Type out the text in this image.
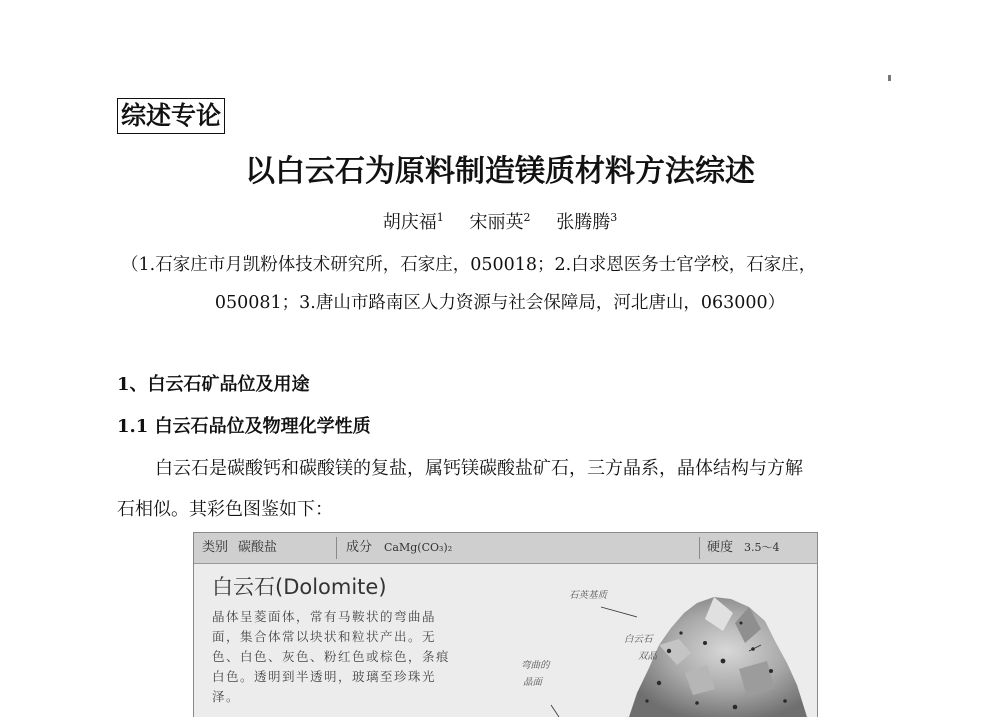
综述专论
以白云石为原料制造镁质材料方法综述
胡庆福$^1$ 宋丽英$^2$ 张腾腾$^3$
（1.石家庄市月凯粉体技术研究所，石家庄，050018；2.白求恩医务士官学校，石家庄，
050081；3.唐山市路南区人力资源与社会保障局，河北唐山，063000）
1、白云石矿品位及用途
1.1 白云石品位及物理化学性质
白云石是碳酸钙和碳酸镁的复盐，属钙镁碳酸盐矿石，三方晶系，晶体结构与方解
石相似。其彩色图鉴如下：
类别 碳酸盐	成分 CaMg(CO₃)₂	硬度 3.5～4
白云石(Dolomite)
晶体呈菱面体，常有马鞍状的弯曲晶面，集合体常以块状和粒状产出。无色、白色、灰色、粉红色或棕色，条痕白色。透明到半透明，玻璃至珍珠光泽。
石英基质
白云石
双晶
弯曲的
晶面
